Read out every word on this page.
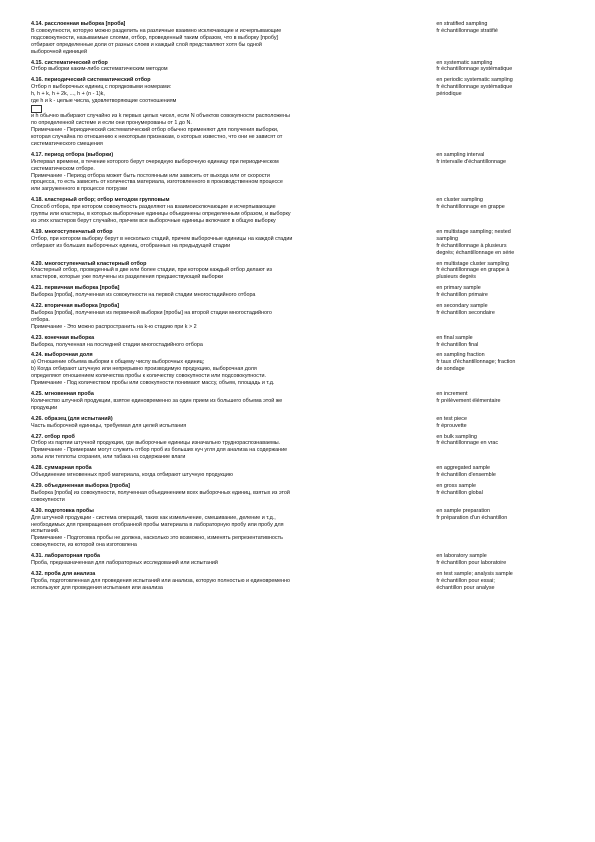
4.14. расслоенная выборка [проба]

В совокупности, которую можно разделить на различные взаимно исключающие и исчерпывающие

подсовокупности, называемые слоями, отбор, проведенный таким образом, что в выборку [пробу]

отбирают определенные доли от разных слоев и каждый слой представляют хотя бы одной

выборочной единицей

en stratified sampling

fr échantillonnage stratifié

4.15. систематический отбор

Отбор выборки каким-либо систематическим методом

en systematic sampling

fr échantillonnage systématique

4.16. периодический систематический отбор

Отбор n выборочных единиц с порядковыми номерами:

h, h + k, h + 2k, ..., h + (n - 1)k,

где h и k - целые числа, удовлетворяющие соотношениям

и h обычно выбирают случайно из k первых целых чисел, если N объектов совокупности расположены

по определенной системе и если они пронумерованы от 1 до N.

Примечание - Периодический систематический отбор обычно применяют для получения выборки,

которая случайна по отношению к некоторым признакам, о которых известно, что они не зависят от

систематического смещения

en periodic systematic sampling

fr échantillonnage systématique

périodique

4.17. период отбора (выборки)

Интервал времени, в течение которого берут очередную выборочную единицу при периодическом

систематическом отборе.

Примечание - Период отбора может быть постоянным или зависеть от выхода или от скорости

процесса, то есть зависеть от количества материала, изготовленного в производственном процессе

или загруженного в процессе погрузки

en sampling interval

fr intervalle d'échantillonnage

4.18. кластерный отбор; отбор методом групповым

Способ отбора, при котором совокупность разделяют на взаимоисключающие и исчерпывающие

группы или кластеры, в которых выборочные единицы объединены определенным образом, и выборку

из этих кластеров берут случайно, причем все выборочные единицы включают в общую выборку

en cluster sampling

fr échantillonnage en grappe

4.19. многоступенчатый отбор

Отбор, при котором выборку берут в несколько стадий, причем выборочные единицы на каждой стадии

отбирают из больших выборочных единиц, отобранных на предыдущей стадии

en multistage sampling; nested

sampling

fr échantillonnage à plusieurs

degrés; échantillonnage en série

4.20. многоступенчатый кластерный отбор

Кластерный отбор, проведенный в две или более стадии, при котором каждый отбор делают из

кластеров, которые уже получены из разделения предшествующей выборки

en multistage cluster sampling

fr échantillonnage en grappe à

plusieurs degrés

4.21. первичная выборка [проба]

Выборка [проба], полученная из совокупности на первой стадии многостадийного отбора

en primary sample

fr échantillon primaire

4.22. вторичная выборка [проба]

Выборка [проба], полученная из первичной выборки [пробы] на второй стадии многостадийного

отбора.

Примечание - Это можно распространить на k-ю стадию при k > 2

en secondary sample

fr échantillon secondaire

4.23. конечная выборка

Выборка, полученная на последней стадии многостадийного отбора

en final sample

fr échantillon final

4.24. выборочная доля

а) Отношение объема выборки к общему числу выборочных единиц;

b) Когда отбирают штучную или непрерывно производимую продукцию, выборочная доля

определяют отношением количества пробы к количеству совокупности или подсовокупности.

Примечание - Под количеством пробы или совокупности понимают массу, объем, площадь и т.д.

en sampling fraction

fr taux d'échantillonnage; fraction

de sondage

4.25. мгновенная проба

Количество штучной продукции, взятое единовременно за один прием из большего объема этой же

продукции

en increment

fr prélèvement élémentaire

4.26. образец (для испытаний)

Часть выборочной единицы, требуемая для целей испытания

en test piece

fr éprouvette

4.27. отбор проб

Отбор из партии штучной продукции, где выборочные единицы изначально труднораспознаваемы.

Примечание - Примерами могут служить отбор проб из больших куч угля для анализа на содержание

золы или теплоты сгорания, или табака на содержание влаги

en bulk sampling

fr échantillonnage en vrac

4.28. суммарная проба

Объединение мгновенных проб материала, когда отбирают штучную продукцию

en aggregated sample

fr échantillon d'ensemble

4.29. объединенная выборка [проба]

Выборка [проба] из совокупности, полученная объединением всех выборочных единиц, взятых из этой

совокупности

en gross sample

fr échantillon global

4.30. подготовка пробы

Для штучной продукции - система операций, таких как измельчение, смешивание, деление и т.д.,

необходимых для превращения отобранной пробы материала в лабораторную пробу или пробу для

испытаний.

Примечание - Подготовка пробы не должна, насколько это возможно, изменять репрезентативность

совокупности, из которой она изготовлена

en sample preparation

fr préparation d'un échantillon

4.31. лабораторная проба

Проба, предназначенная для лабораторных исследований или испытаний

en laboratory sample

fr échantillon pour laboratoire

4.32. проба для анализа

Проба, подготовленная для проведения испытаний или анализа, которую полностью и единовременно

используют для проведения испытания или анализа

en test sample; analysis sample

fr échantillon pour essai;

échantillon pour analyse
